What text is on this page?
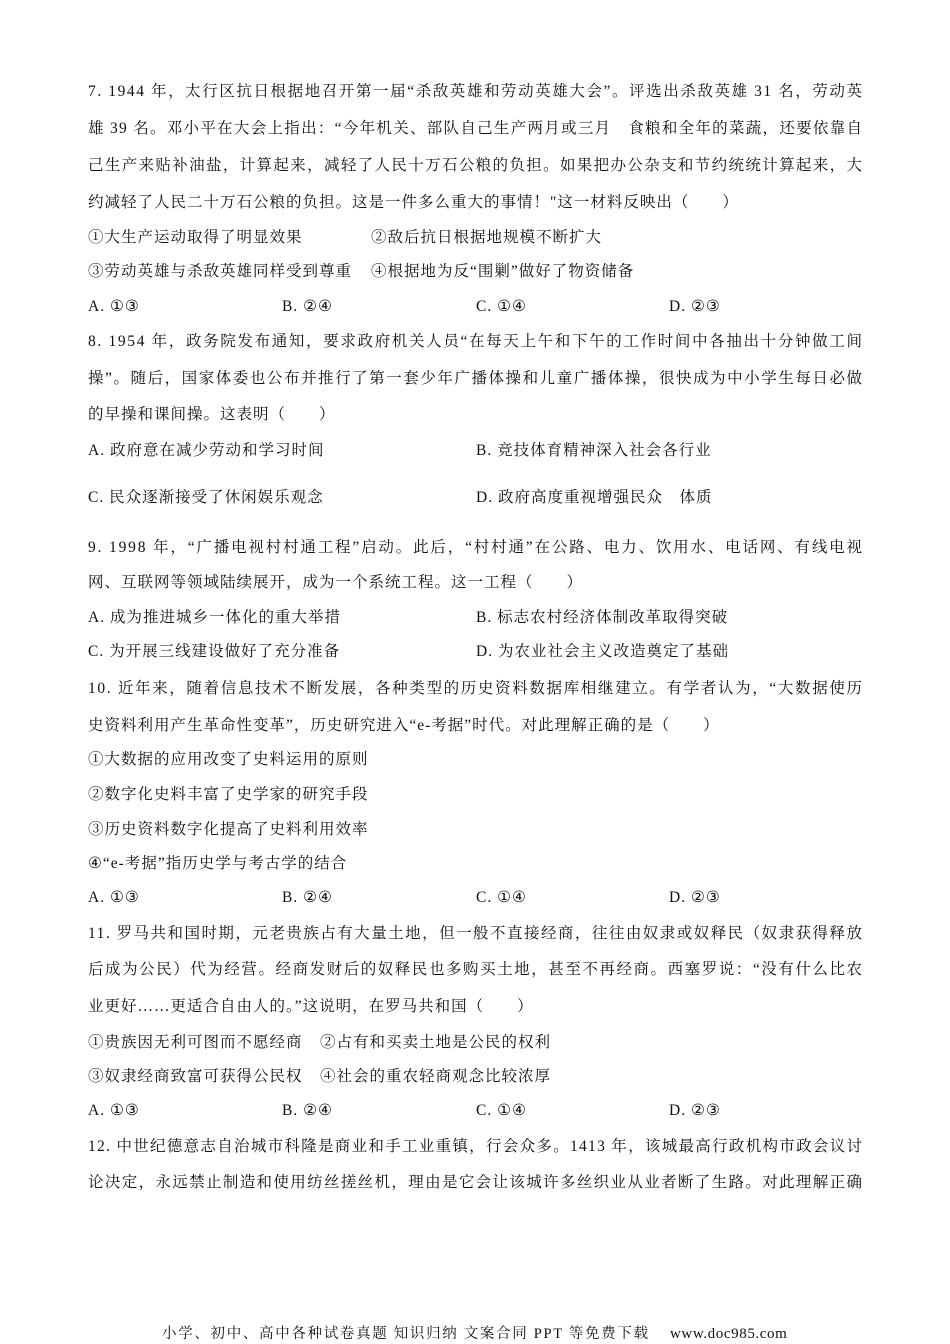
7. 1944 年，太行区抗日根据地召开第一届“杀敌英雄和劳动英雄大会”。评选出杀敌英雄 31 名，劳动英
雄 39 名。邓小平在大会上指出：“今年机关、部队自己生产两月或三月　食粮和全年的菜蔬，还要依靠自
己生产来贴补油盐，计算起来，减轻了人民十万石公粮的负担。如果把办公杂支和节约统统计算起来，大
约减轻了人民二十万石公粮的负担。这是一件多么重大的事情！"这一材料反映出（　　）
①大生产运动取得了明显效果	②敌后抗日根据地规模不断扩大
③劳动英雄与杀敌英雄同样受到尊重 ④根据地为反“围剿”做好了物资储备
A. ①③	B. ②④	C. ①④	D. ②③
8. 1954 年，政务院发布通知，要求政府机关人员“在每天上午和下午的工作时间中各抽出十分钟做工间
操”。随后，国家体委也公布并推行了第一套少年广播体操和儿童广播体操，很快成为中小学生每日必做
的早操和课间操。这表明（　　）
A. 政府意在减少劳动和学习时间	B. 竞技体育精神深入社会各行业
C. 民众逐渐接受了休闲娱乐观念	D. 政府高度重视增强民众　体质
9. 1998 年，“广播电视村村通工程”启动。此后，“村村通”在公路、电力、饮用水、电话网、有线电视
网、互联网等领域陆续展开，成为一个系统工程。这一工程（　　）
A. 成为推进城乡一体化的重大举措	B. 标志农村经济体制改革取得突破
C. 为开展三线建设做好了充分准备	D. 为农业社会主义改造奠定了基础
10. 近年来，随着信息技术不断发展，各种类型的历史资料数据库相继建立。有学者认为，“大数据使历
史资料利用产生革命性变革”，历史研究进入“e-考据”时代。对此理解正确的是（　　）
①大数据的应用改变了史料运用的原则
②数字化史料丰富了史学家的研究手段
③历史资料数字化提高了史料利用效率
④“e-考据”指历史学与考古学的结合
A. ①③	B. ②④	C. ①④	D. ②③
11. 罗马共和国时期，元老贵族占有大量土地，但一般不直接经商，往往由奴隶或奴释民（奴隶获得释放
后成为公民）代为经营。经商发财后的奴释民也多购买土地，甚至不再经商。西塞罗说：“没有什么比农
业更好……更适合自由人的。”这说明，在罗马共和国（　　）
①贵族因无利可图而不愿经商 ②占有和买卖土地是公民的权利
③奴隶经商致富可获得公民权 ④社会的重农轻商观念比较浓厚
A. ①③	B. ②④	C. ①④	D. ②③
12. 中世纪德意志自治城市科隆是商业和手工业重镇，行会众多。1413 年，该城最高行政机构市政会议讨
论决定，永远禁止制造和使用纺丝搓丝机，理由是它会让该城许多丝织业从业者断了生路。对此理解正确
小学、初中、高中各种试卷真题 知识归纳 文案合同 PPT 等免费下载 www.doc985.com
